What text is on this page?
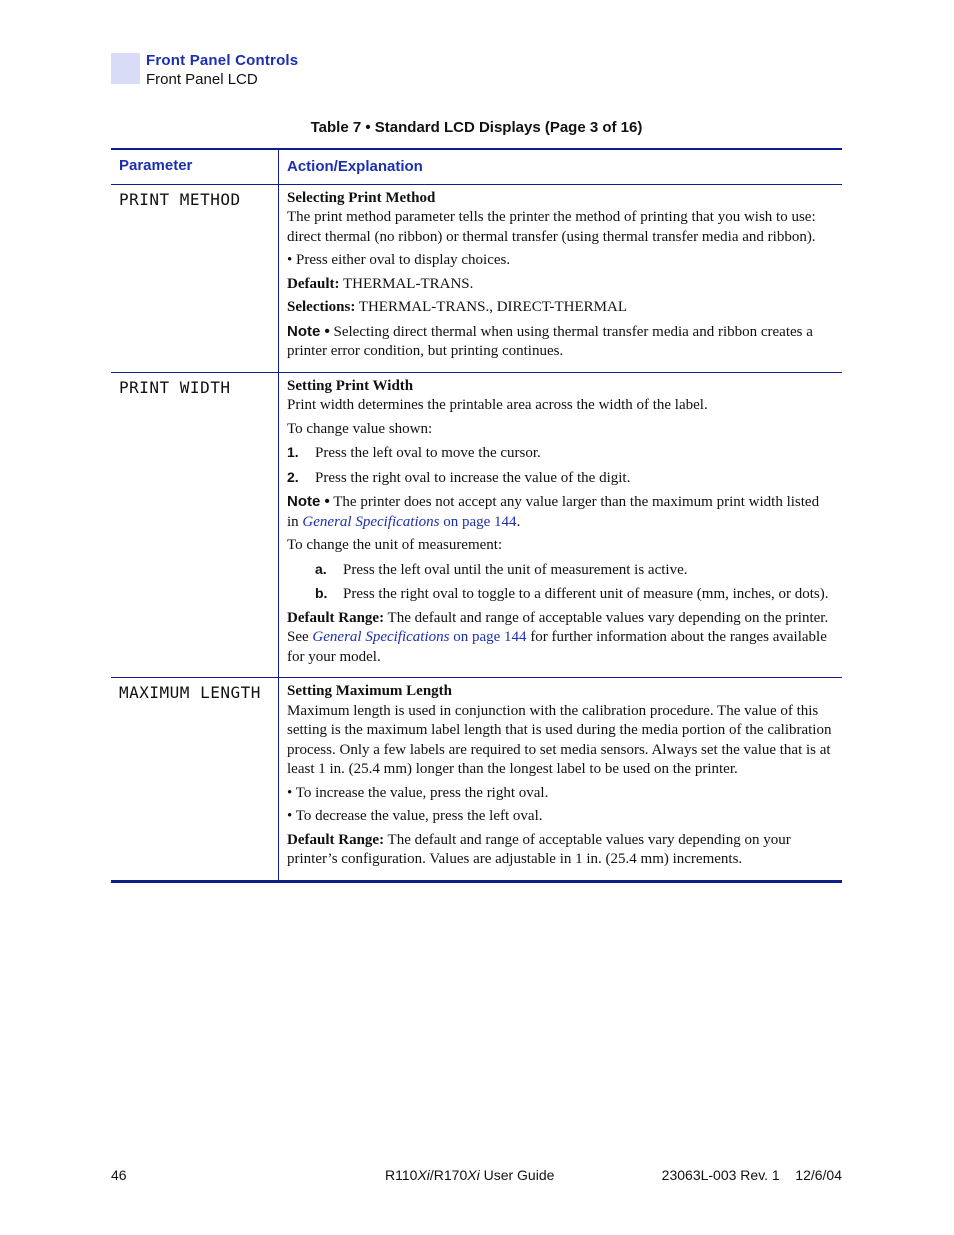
Front Panel Controls
Front Panel LCD
Table 7 • Standard LCD Displays (Page 3 of 16)
Parameter	Action/Explanation
PRINT METHOD	Selecting Print Method

The print method parameter tells the printer the method of printing that you wish to use: direct thermal (no ribbon) or thermal transfer (using thermal transfer media and ribbon).

• Press either oval to display choices.

Default: THERMAL-TRANS.

Selections: THERMAL-TRANS., DIRECT-THERMAL

Note • Selecting direct thermal when using thermal transfer media and ribbon creates a printer error condition, but printing continues.

PRINT WIDTH	Setting Print Width

Print width determines the printable area across the width of the label.

To change value shown:

1. Press the left oval to move the cursor.

2. Press the right oval to increase the value of the digit.

Note • The printer does not accept any value larger than the maximum print width listed in General Specifications on page 144.

To change the unit of measurement:

a. Press the left oval until the unit of measurement is active.

b. Press the right oval to toggle to a different unit of measure (mm, inches, or dots).

Default Range: The default and range of acceptable values vary depending on the printer. See General Specifications on page 144 for further information about the ranges available for your model.

MAXIMUM LENGTH	Setting Maximum Length

Maximum length is used in conjunction with the calibration procedure. The value of this setting is the maximum label length that is used during the media portion of the calibration process. Only a few labels are required to set media sensors. Always set the value that is at least 1 in. (25.4 mm) longer than the longest label to be used on the printer.

• To increase the value, press the right oval.

• To decrease the value, press the left oval.

Default Range: The default and range of acceptable values vary depending on your printer’s configuration. Values are adjustable in 1 in. (25.4 mm) increments.

46	R110Xi/R170Xi User Guide	23063L-003 Rev. 1    12/6/04
